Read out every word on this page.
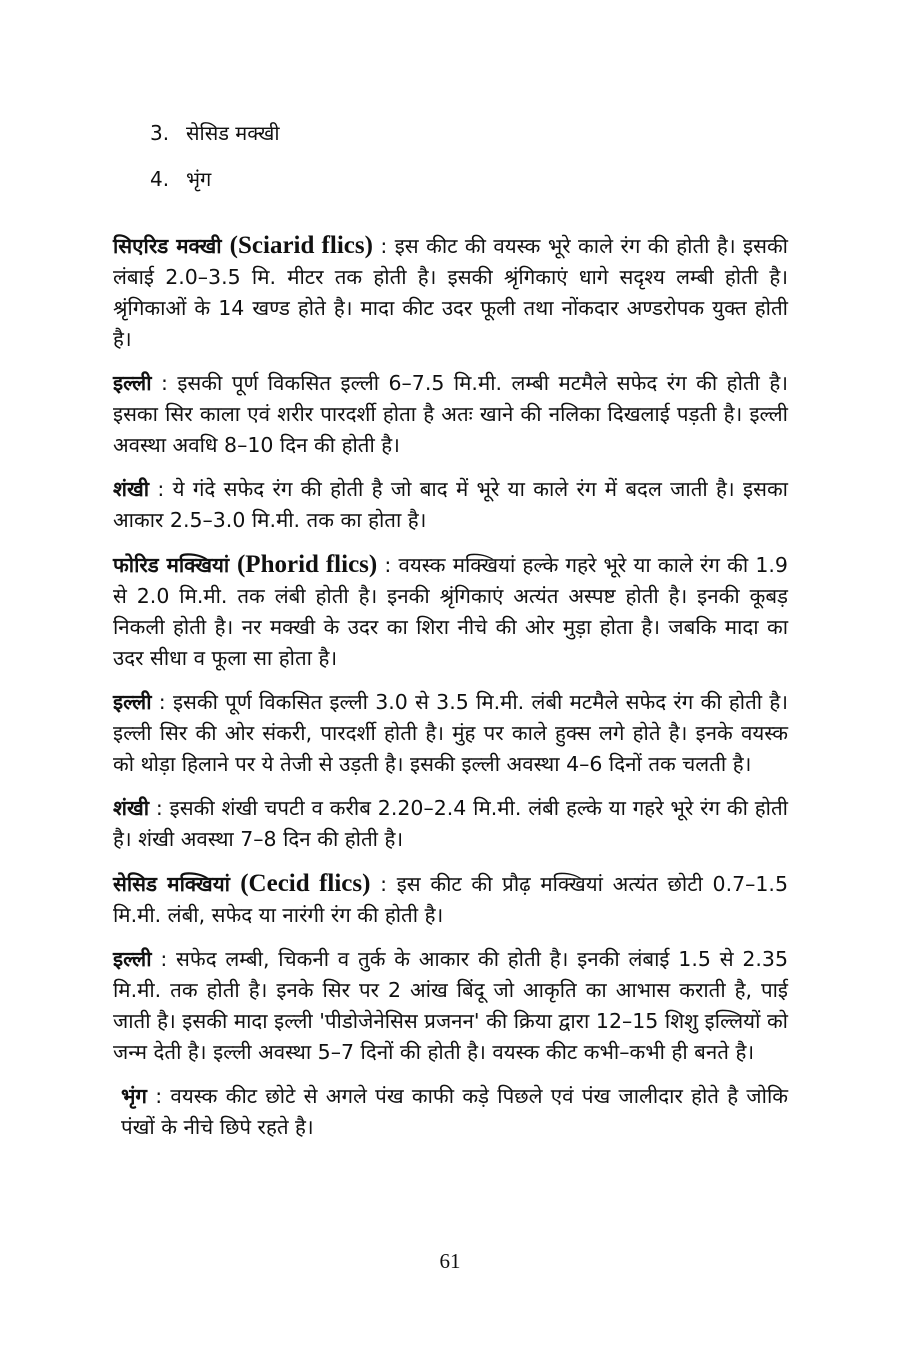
3. सेसिड मक्खी
4. भृंग

सिएरिड मक्खी (Sciarid flics) : इस कीट की वयस्क भूरे काले रंग की होती है। इसकी लंबाई 2.0–3.5 मि. मीटर तक होती है। इसकी श्रृंगिकाएं धागे सदृश्य लम्बी होती है। श्रृंगिकाओं के 14 खण्ड होते है। मादा कीट उदर फूली तथा नोंकदार अण्डरोपक युक्त होती है।

इल्ली : इसकी पूर्ण विकसित इल्ली 6–7.5 मि.मी. लम्बी मटमैले सफेद रंग की होती है। इसका सिर काला एवं शरीर पारदर्शी होता है अतः खाने की नलिका दिखलाई पड़ती है। इल्ली अवस्था अवधि 8–10 दिन की होती है।

शंखी : ये गंदे सफेद रंग की होती है जो बाद में भूरे या काले रंग में बदल जाती है। इसका आकार 2.5–3.0 मि.मी. तक का होता है।

फोरिड मक्खियां (Phorid flics) : वयस्क मक्खियां हल्के गहरे भूरे या काले रंग की 1.9 से 2.0 मि.मी. तक लंबी होती है। इनकी श्रृंगिकाएं अत्यंत अस्पष्ट होती है। इनकी कूबड़ निकली होती है। नर मक्खी के उदर का शिरा नीचे की ओर मुड़ा होता है। जबकि मादा का उदर सीधा व फूला सा होता है।

इल्ली : इसकी पूर्ण विकसित इल्ली 3.0 से 3.5 मि.मी. लंबी मटमैले सफेद रंग की होती है। इल्ली सिर की ओर संकरी, पारदर्शी होती है। मुंह पर काले हुक्स लगे होते है। इनके वयस्क को थोड़ा हिलाने पर ये तेजी से उड़ती है। इसकी इल्ली अवस्था 4–6 दिनों तक चलती है।

शंखी : इसकी शंखी चपटी व करीब 2.20–2.4 मि.मी. लंबी हल्के या गहरे भूरे रंग की होती है। शंखी अवस्था 7–8 दिन की होती है।

सेसिड मक्खियां (Cecid flics) : इस कीट की प्रौढ़ मक्खियां अत्यंत छोटी 0.7–1.5 मि.मी. लंबी, सफेद या नारंगी रंग की होती है।

इल्ली : सफेद लम्बी, चिकनी व तुर्क के आकार की होती है। इनकी लंबाई 1.5 से 2.35 मि.मी. तक होती है। इनके सिर पर 2 आंख बिंदू जो आकृति का आभास कराती है, पाई जाती है। इसकी मादा इल्ली 'पीडोजेनेसिस प्रजनन' की क्रिया द्वारा 12–15 शिशु इल्लियों को जन्म देती है। इल्ली अवस्था 5–7 दिनों की होती है। वयस्क कीट कभी–कभी ही बनते है।

भृंग : वयस्क कीट छोटे से अगले पंख काफी कड़े पिछले एवं पंख जालीदार होते है जोकि पंखों के नीचे छिपे रहते है।

61
